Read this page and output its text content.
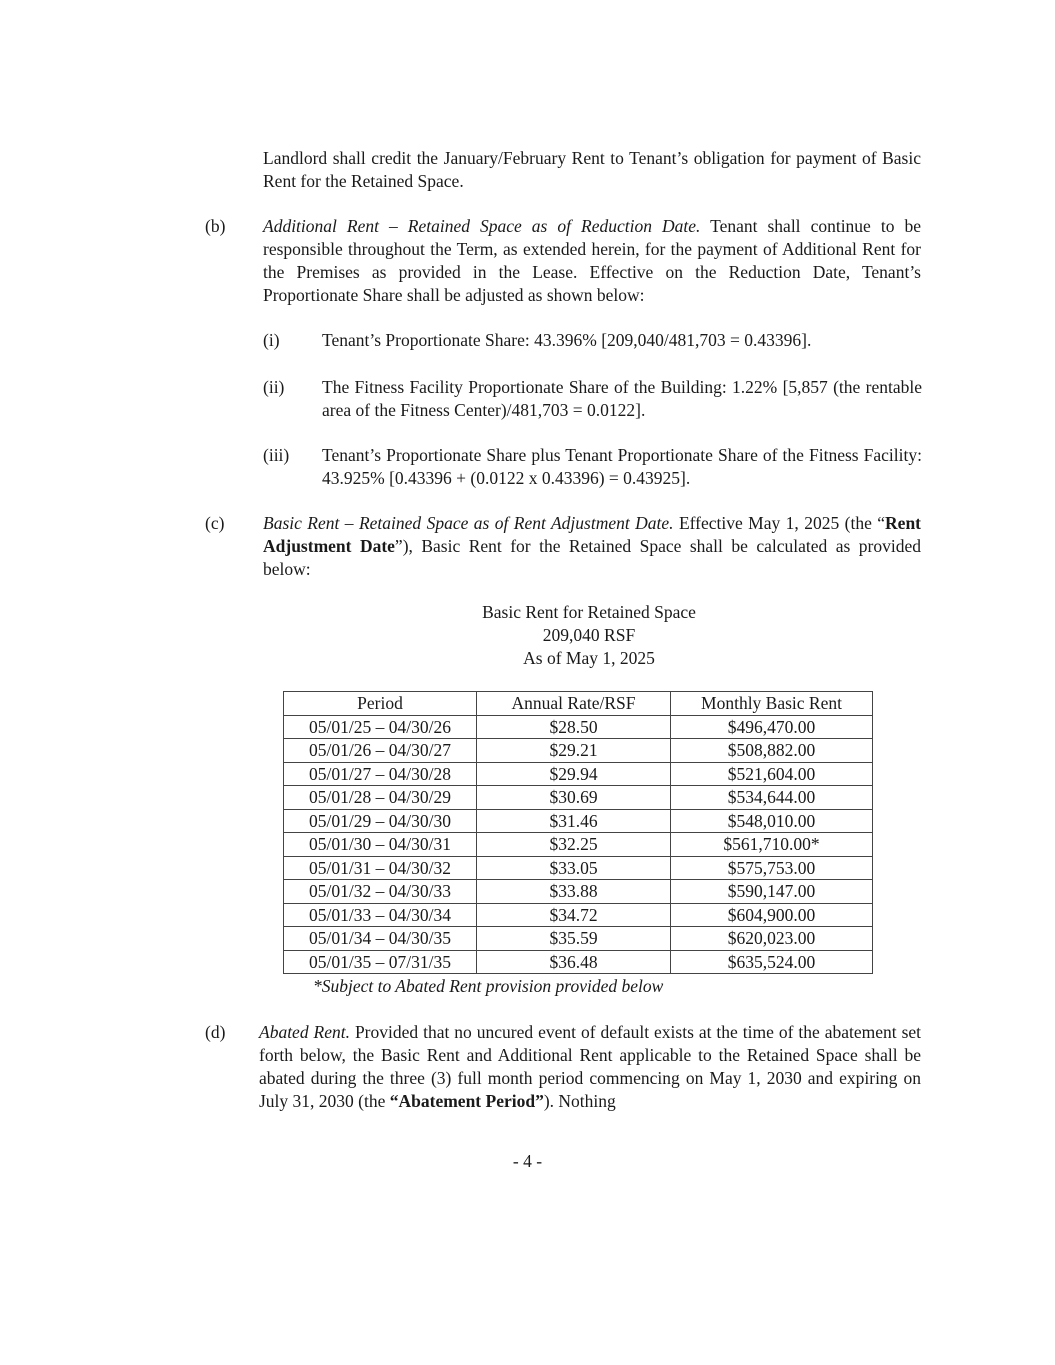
Landlord shall credit the January/February Rent to Tenant’s obligation for payment of Basic Rent for the Retained Space.
(b) Additional Rent – Retained Space as of Reduction Date. Tenant shall continue to be responsible throughout the Term, as extended herein, for the payment of Additional Rent for the Premises as provided in the Lease. Effective on the Reduction Date, Tenant’s Proportionate Share shall be adjusted as shown below:
(i) Tenant’s Proportionate Share: 43.396% [209,040/481,703 = 0.43396].
(ii) The Fitness Facility Proportionate Share of the Building: 1.22% [5,857 (the rentable area of the Fitness Center)/481,703 = 0.0122].
(iii) Tenant’s Proportionate Share plus Tenant Proportionate Share of the Fitness Facility: 43.925% [0.43396 + (0.0122 x 0.43396) = 0.43925].
(c) Basic Rent – Retained Space as of Rent Adjustment Date. Effective May 1, 2025 (the “Rent Adjustment Date”), Basic Rent for the Retained Space shall be calculated as provided below:
Basic Rent for Retained Space
209,040 RSF
As of May 1, 2025
Period	Annual Rate/RSF	Monthly Basic Rent
05/01/25 – 04/30/26	$28.50	$496,470.00
05/01/26 – 04/30/27	$29.21	$508,882.00
05/01/27 – 04/30/28	$29.94	$521,604.00
05/01/28 – 04/30/29	$30.69	$534,644.00
05/01/29 – 04/30/30	$31.46	$548,010.00
05/01/30 – 04/30/31	$32.25	$561,710.00*
05/01/31 – 04/30/32	$33.05	$575,753.00
05/01/32 – 04/30/33	$33.88	$590,147.00
05/01/33 – 04/30/34	$34.72	$604,900.00
05/01/34 – 04/30/35	$35.59	$620,023.00
05/01/35 – 07/31/35	$36.48	$635,524.00
*Subject to Abated Rent provision provided below
(d) Abated Rent. Provided that no uncured event of default exists at the time of the abatement set forth below, the Basic Rent and Additional Rent applicable to the Retained Space shall be abated during the three (3) full month period commencing on May 1, 2030 and expiring on July 31, 2030 (the “Abatement Period”). Nothing
- 4 -
